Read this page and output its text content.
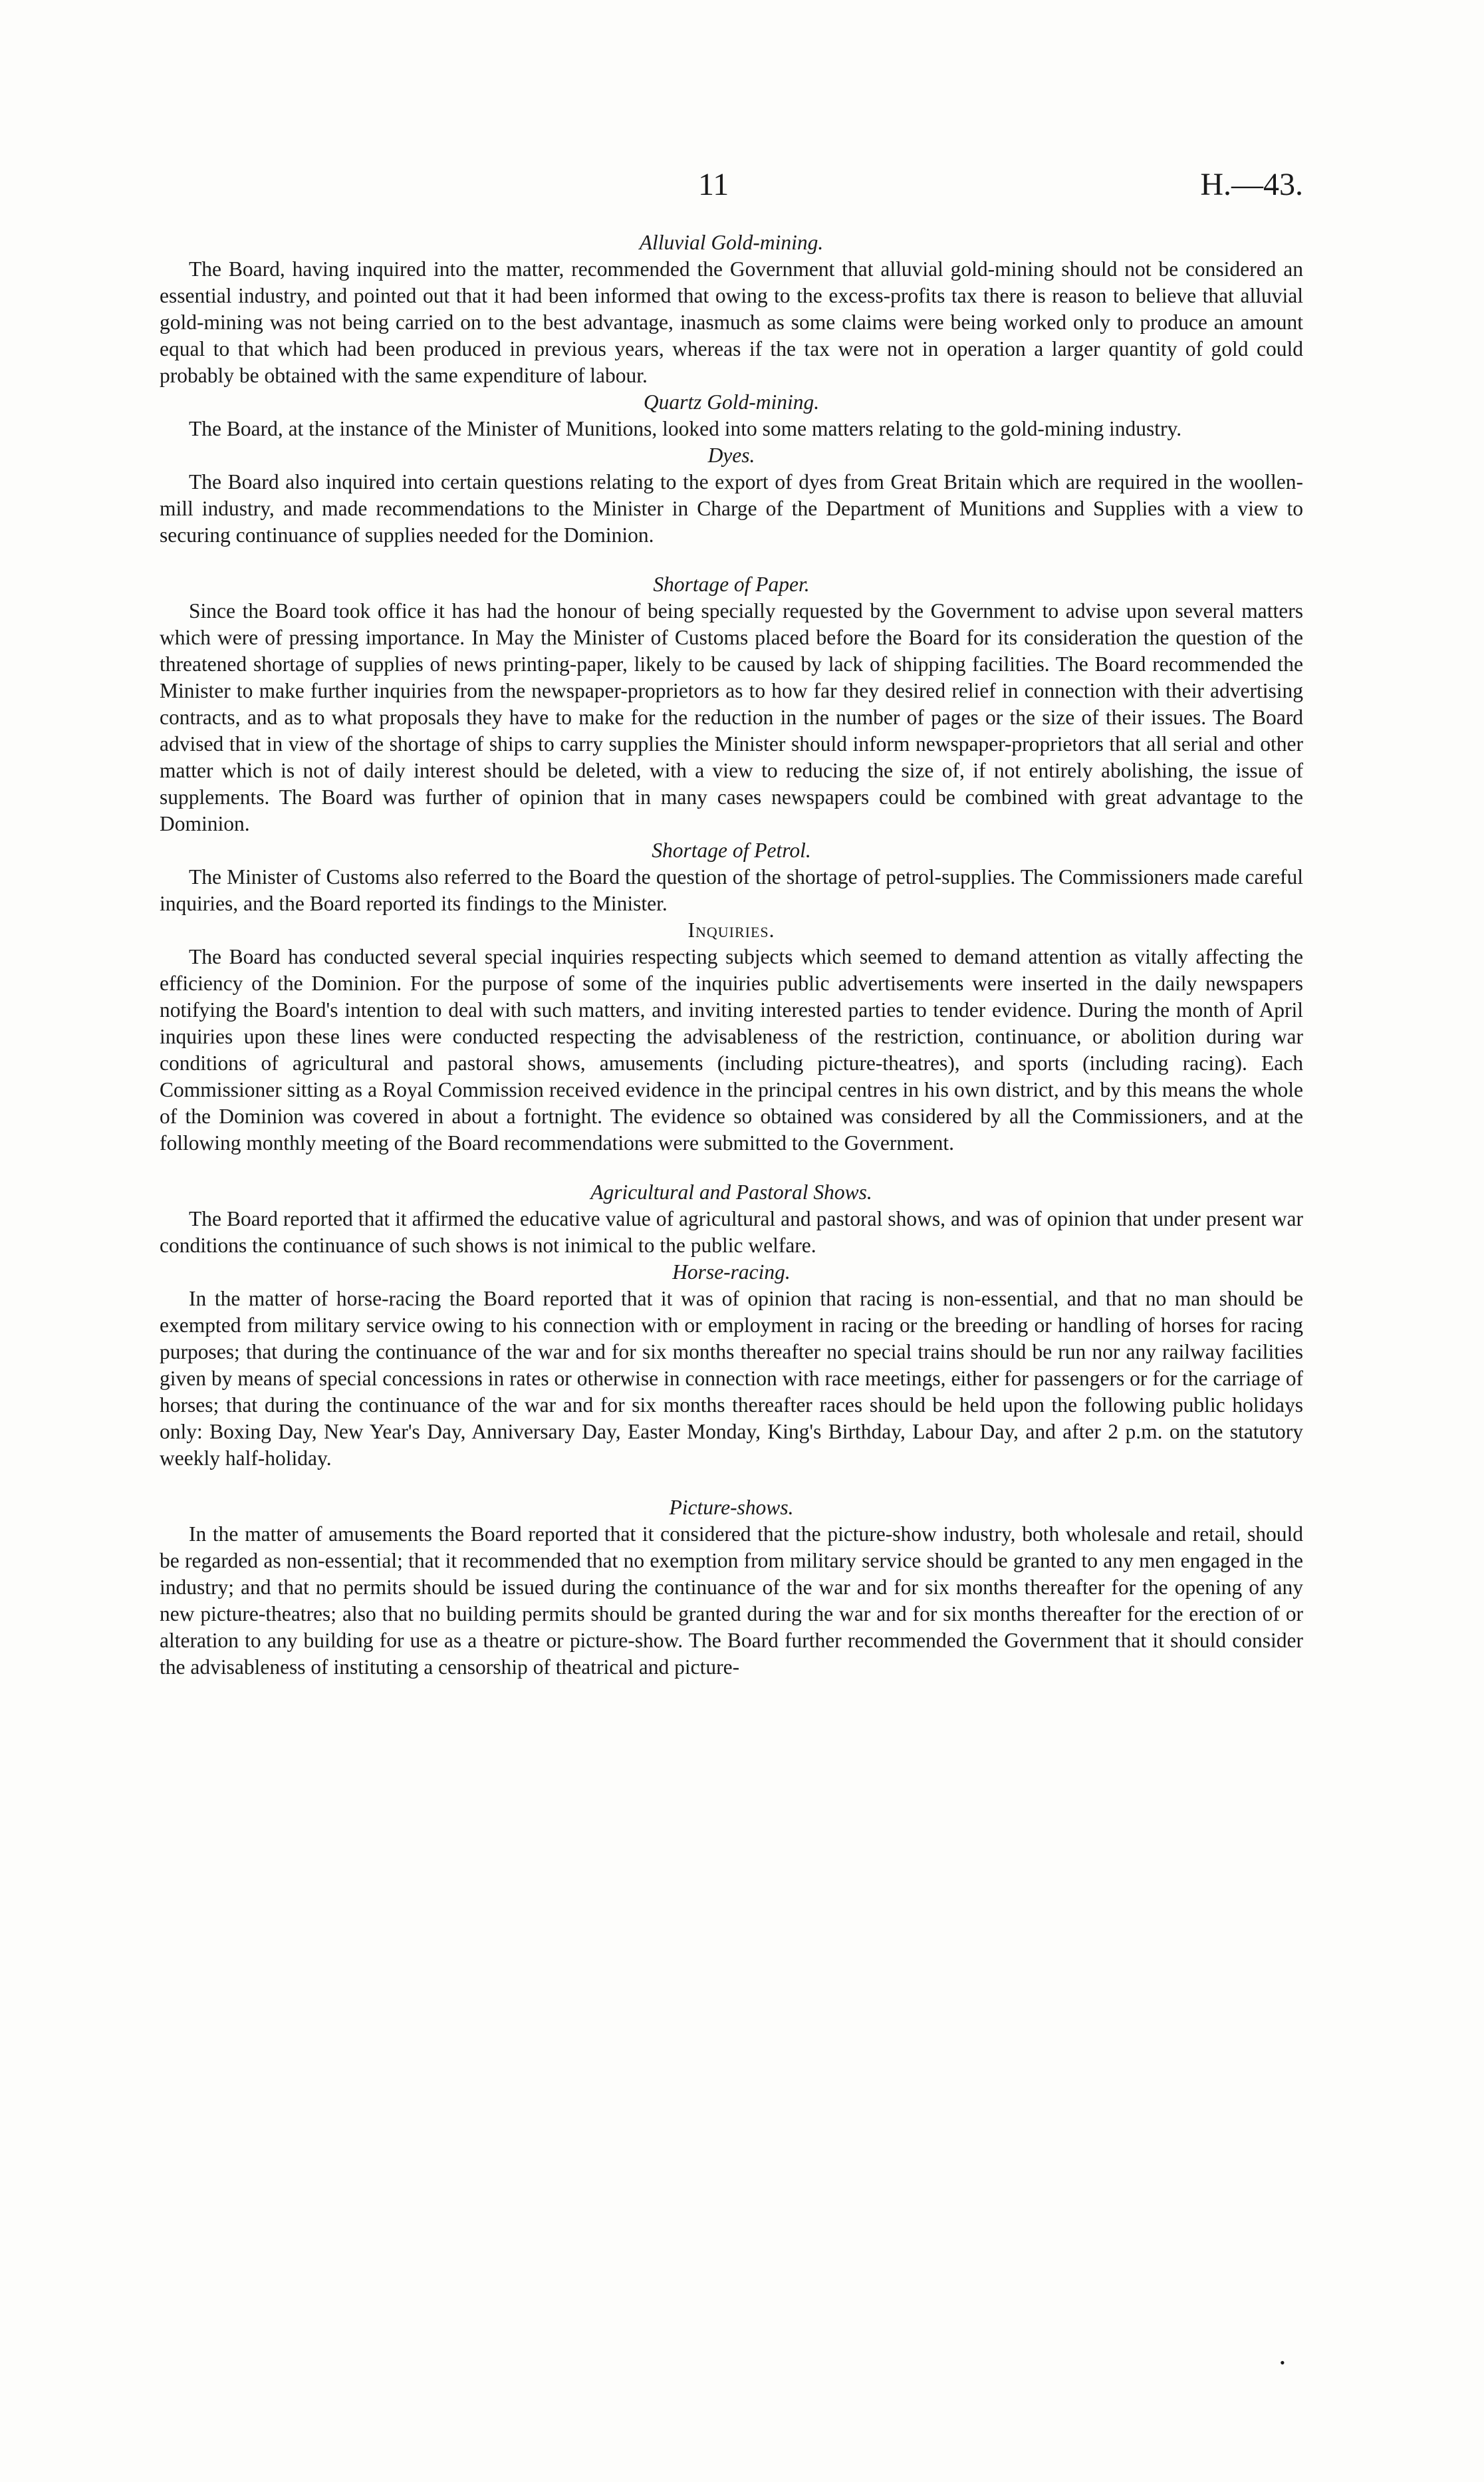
11	H.—43.
Alluvial Gold-mining.

The Board, having inquired into the matter, recommended the Government that alluvial gold-mining should not be considered an essential industry, and pointed out that it had been informed that owing to the excess-profits tax there is reason to believe that alluvial gold-mining was not being carried on to the best advantage, inasmuch as some claims were being worked only to produce an amount equal to that which had been produced in previous years, whereas if the tax were not in operation a larger quantity of gold could probably be obtained with the same expenditure of labour.

Quartz Gold-mining.

The Board, at the instance of the Minister of Munitions, looked into some matters relating to the gold-mining industry.

Dyes.

The Board also inquired into certain questions relating to the export of dyes from Great Britain which are required in the woollen-mill industry, and made recommendations to the Minister in Charge of the Department of Munitions and Supplies with a view to securing continuance of supplies needed for the Dominion.

Shortage of Paper.

Since the Board took office it has had the honour of being specially requested by the Government to advise upon several matters which were of pressing importance. In May the Minister of Customs placed before the Board for its consideration the question of the threatened shortage of supplies of news printing-paper, likely to be caused by lack of shipping facilities. The Board recommended the Minister to make further inquiries from the newspaper-proprietors as to how far they desired relief in connection with their advertising contracts, and as to what proposals they have to make for the reduction in the number of pages or the size of their issues. The Board advised that in view of the shortage of ships to carry supplies the Minister should inform newspaper-proprietors that all serial and other matter which is not of daily interest should be deleted, with a view to reducing the size of, if not entirely abolishing, the issue of supplements. The Board was further of opinion that in many cases newspapers could be combined with great advantage to the Dominion.

Shortage of Petrol.

The Minister of Customs also referred to the Board the question of the shortage of petrol-supplies. The Commissioners made careful inquiries, and the Board reported its findings to the Minister.

Inquiries.

The Board has conducted several special inquiries respecting subjects which seemed to demand attention as vitally affecting the efficiency of the Dominion. For the purpose of some of the inquiries public advertisements were inserted in the daily newspapers notifying the Board's intention to deal with such matters, and inviting interested parties to tender evidence. During the month of April inquiries upon these lines were conducted respecting the advisableness of the restriction, continuance, or abolition during war conditions of agricultural and pastoral shows, amusements (including picture-theatres), and sports (including racing). Each Commissioner sitting as a Royal Commission received evidence in the principal centres in his own district, and by this means the whole of the Dominion was covered in about a fortnight. The evidence so obtained was considered by all the Commissioners, and at the following monthly meeting of the Board recommendations were submitted to the Government.

Agricultural and Pastoral Shows.

The Board reported that it affirmed the educative value of agricultural and pastoral shows, and was of opinion that under present war conditions the continuance of such shows is not inimical to the public welfare.

Horse-racing.

In the matter of horse-racing the Board reported that it was of opinion that racing is non-essential, and that no man should be exempted from military service owing to his connection with or employment in racing or the breeding or handling of horses for racing purposes; that during the continuance of the war and for six months thereafter no special trains should be run nor any railway facilities given by means of special concessions in rates or otherwise in connection with race meetings, either for passengers or for the carriage of horses; that during the continuance of the war and for six months thereafter races should be held upon the following public holidays only: Boxing Day, New Year's Day, Anniversary Day, Easter Monday, King's Birthday, Labour Day, and after 2 p.m. on the statutory weekly half-holiday.

Picture-shows.

In the matter of amusements the Board reported that it considered that the picture-show industry, both wholesale and retail, should be regarded as non-essential; that it recommended that no exemption from military service should be granted to any men engaged in the industry; and that no permits should be issued during the continuance of the war and for six months thereafter for the opening of any new picture-theatres; also that no building permits should be granted during the war and for six months thereafter for the erection of or alteration to any building for use as a theatre or picture-show. The Board further recommended the Government that it should consider the advisableness of instituting a censorship of theatrical and picture-

•
